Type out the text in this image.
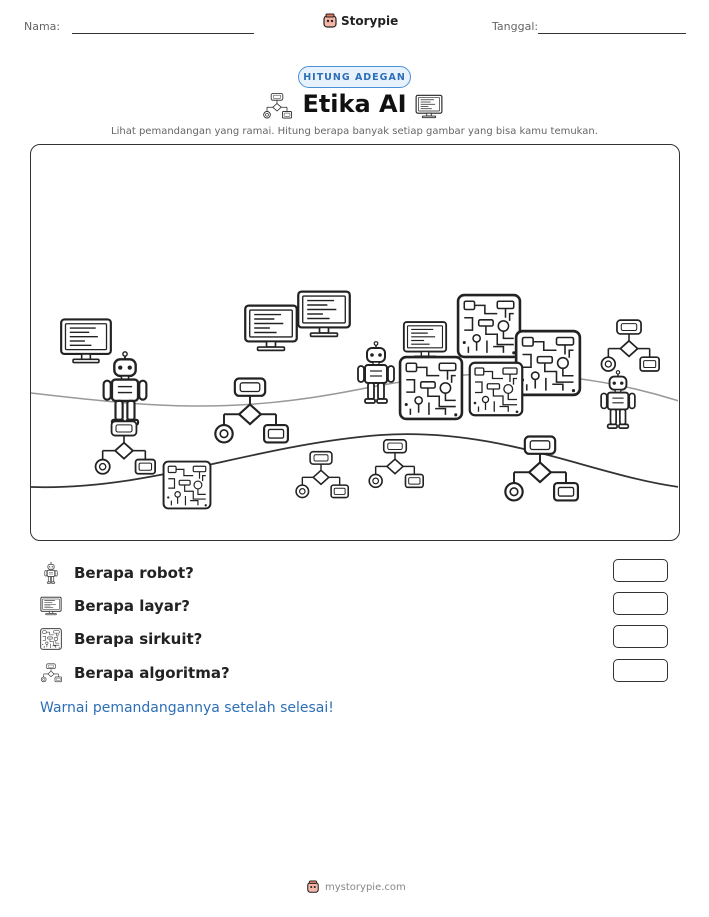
Nama:	Storypie	Tanggal:
HITUNG ADEGAN
Etika AI
Lihat pemandangan yang ramai. Hitung berapa banyak setiap gambar yang bisa kamu temukan.
Berapa robot?
Berapa layar?
Berapa sirkuit?
Berapa algoritma?
Warnai pemandangannya setelah selesai!
mystorypie.com
